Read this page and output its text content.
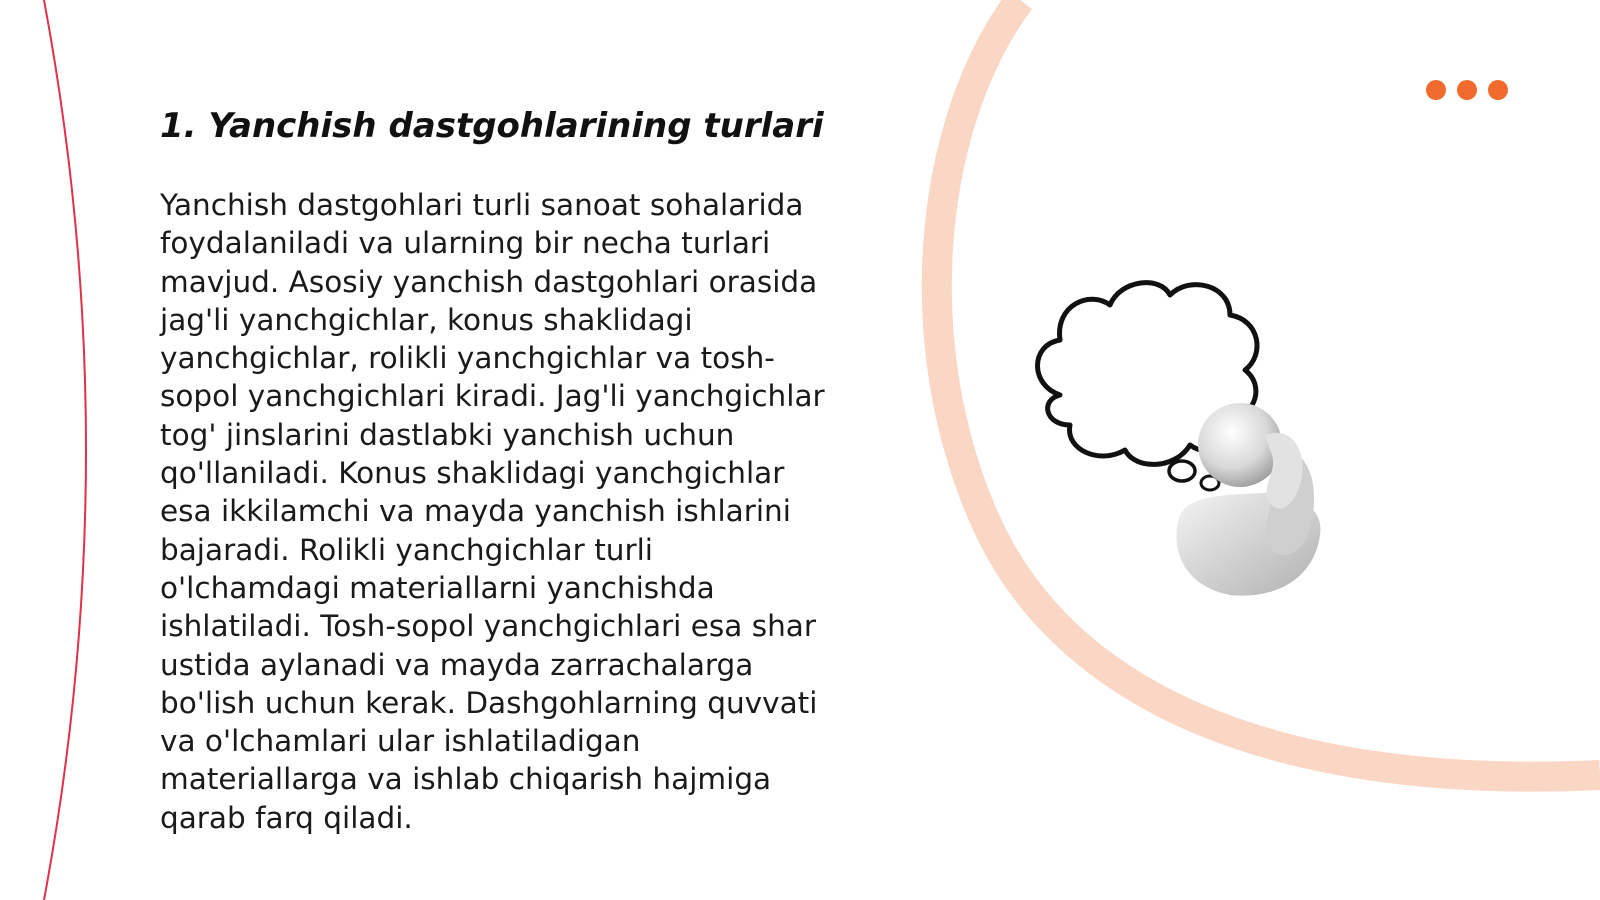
1. Yanchish dastgohlarining turlari

Yanchish dastgohlari turli sanoat sohalarida foydalaniladi va ularning bir necha turlari mavjud. Asosiy yanchish dastgohlari orasida jag'li yanchgichlar, konus shaklidagi yanchgichlar, rolikli yanchgichlar va tosh-sopol yanchgichlari kiradi. Jag'li yanchgichlar tog' jinslarini dastlabki yanchish uchun qo'llaniladi. Konus shaklidagi yanchgichlar esa ikkilamchi va mayda yanchish ishlarini bajaradi. Rolikli yanchgichlar turli o'lchamdagi materiallarni yanchishda ishlatiladi. Tosh-sopol yanchgichlari esa shar ustida aylanadi va mayda zarrachalarga bo'lish uchun kerak. Dashgohlarning quvvati va o'lchamlari ular ishlatiladigan materiallarga va ishlab chiqarish hajmiga qarab farq qiladi.
